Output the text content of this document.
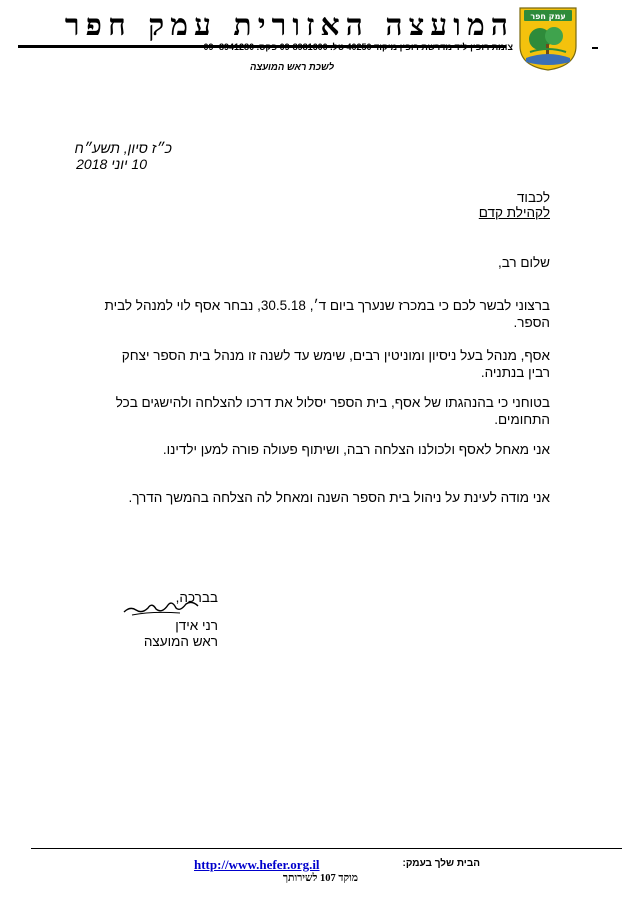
עמק חפר
המועצה האזורית עמק חפר
צומת רופין ליד מדרשת רופין מיקוד 40250 טל. 09-8981600 פקס. 8941280 -09
לשכת ראש המועצה
כ״ז סיון, תשע״ח
10 יוני 2018
לכבוד
לקהילת קדם
שלום רב,
ברצוני לבשר לכם כי במכרז שנערך ביום ד׳, 30.5.18, נבחר אסף לוי למנהל לבית הספר.
אסף, מנהל בעל ניסיון ומוניטין רבים, שימש עד לשנה זו מנהל בית הספר יצחק רבין בנתניה.
בטוחני כי בהנהגתו של אסף, בית הספר יסלול את דרכו להצלחה ולהישגים בכל התחומים.
אני מאחל לאסף ולכולנו הצלחה רבה, ושיתוף פעולה פורה למען ילדינו.
אני מודה לעינת על ניהול בית הספר השנה ומאחל לה הצלחה בהמשך הדרך.
בברכה,
רני אידן
ראש המועצה
http://www.hefer.org.il	הבית שלך בעמק:
מוקד 107 לשירותך
